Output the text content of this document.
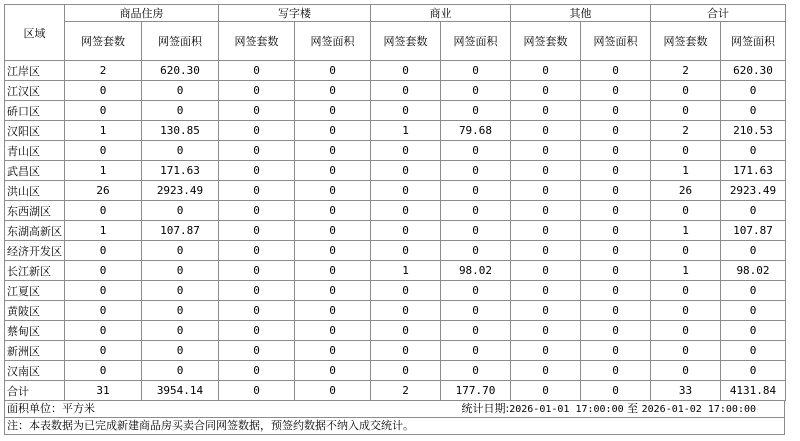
区域	商品住房		写字楼		商业		其他		合计	
	网签套数	网签面积	网签套数	网签面积	网签套数	网签面积	网签套数	网签面积	网签套数	网签面积
江岸区	2	620.30	0	0	0	0	0	0	2	620.30
江汉区	0	0	0	0	0	0	0	0	0	0
硚口区	0	0	0	0	0	0	0	0	0	0
汉阳区	1	130.85	0	0	1	79.68	0	0	2	210.53
青山区	0	0	0	0	0	0	0	0	0	0
武昌区	1	171.63	0	0	0	0	0	0	1	171.63
洪山区	26	2923.49	0	0	0	0	0	0	26	2923.49
东西湖区	0	0	0	0	0	0	0	0	0	0
东湖高新区	1	107.87	0	0	0	0	0	0	1	107.87
经济开发区	0	0	0	0	0	0	0	0	0	0
长江新区	0	0	0	0	1	98.02	0	0	1	98.02
江夏区	0	0	0	0	0	0	0	0	0	0
黄陂区	0	0	0	0	0	0	0	0	0	0
蔡甸区	0	0	0	0	0	0	0	0	0	0
新洲区	0	0	0	0	0	0	0	0	0	0
汉南区	0	0	0	0	0	0	0	0	0	0
合计	31	3954.14	0	0	2	177.70	0	0	33	4131.84
面积单位：平方米	统计日期:2026-01-01 17:00:00 至 2026-01-02 17:00:00
注：本表数据为已完成新建商品房买卖合同网签数据，预签约数据不纳入成交统计。
